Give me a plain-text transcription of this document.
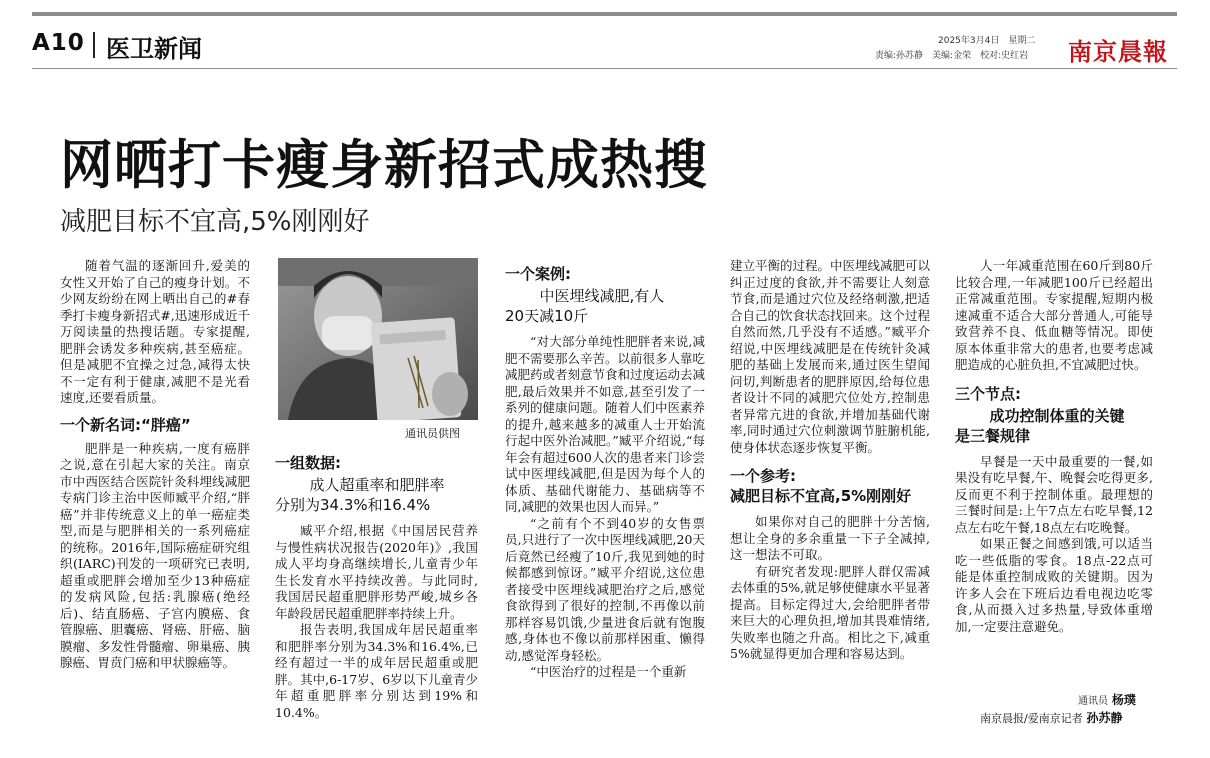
A10 医卫新闻	2025年3月4日　星期二
责编:孙苏静　美编:金荣　校对:史红岩 南京晨報
网晒打卡瘦身新招式成热搜
减肥目标不宜高,5%刚刚好

随着气温的逐渐回升,爱美的女性又开始了自己的瘦身计划。不少网友纷纷在网上晒出自己的#春季打卡瘦身新招式#,迅速形成近千万阅读量的热搜话题。专家提醒,肥胖会诱发多种疾病,甚至癌症。但是减肥不宜操之过急,减得太快不一定有利于健康,减肥不是光看速度,还要看质量。

一个新名词:“胖癌”

肥胖是一种疾病,一度有癌胖之说,意在引起大家的关注。南京市中西医结合医院针灸科埋线减肥专病门诊主治中医师臧平介绍,“胖癌”并非传统意义上的单一癌症类型,而是与肥胖相关的一系列癌症的统称。2016年,国际癌症研究组织(IARC)刊发的一项研究已表明,超重或肥胖会增加至少13种癌症的发病风险,包括:乳腺癌(绝经后)、结直肠癌、子宫内膜癌、食管腺癌、胆囊癌、肾癌、肝癌、脑膜瘤、多发性骨髓瘤、卵巢癌、胰腺癌、胃贲门癌和甲状腺癌等。

通讯员供图
一组数据:
成人超重率和肥胖率
分别为34.3%和16.4%

臧平介绍,根据《中国居民营养与慢性病状况报告(2020年)》,我国成人平均身高继续增长,儿童青少年生长发育水平持续改善。与此同时,我国居民超重肥胖形势严峻,城乡各年龄段居民超重肥胖率持续上升。

报告表明,我国成年居民超重率和肥胖率分别为34.3%和16.4%,已经有超过一半的成年居民超重或肥胖。其中,6-17岁、6岁以下儿童青少年超重肥胖率分别达到19%和10.4%。

一个案例:
中医埋线减肥,有人
20天减10斤

“对大部分单纯性肥胖者来说,减肥不需要那么辛苦。以前很多人靠吃减肥药或者刻意节食和过度运动去减肥,最后效果并不如意,甚至引发了一系列的健康问题。随着人们中医素养的提升,越来越多的减重人士开始流行起中医外治减肥。”臧平介绍说,“每年会有超过600人次的患者来门诊尝试中医埋线减肥,但是因为每个人的体质、基础代谢能力、基础病等不同,减肥的效果也因人而异。”

“之前有个不到40岁的女售票员,只进行了一次中医埋线减肥,20天后竟然已经瘦了10斤,我见到她的时候都感到惊讶。”臧平介绍说,这位患者接受中医埋线减肥治疗之后,感觉食欲得到了很好的控制,不再像以前那样容易饥饿,少量进食后就有饱腹感,身体也不像以前那样困重、懒得动,感觉浑身轻松。

“中医治疗的过程是一个重新

建立平衡的过程。中医埋线减肥可以纠正过度的食欲,并不需要让人刻意节食,而是通过穴位及经络刺激,把适合自己的饮食状态找回来。这个过程自然而然,几乎没有不适感。”臧平介绍说,中医埋线减肥是在传统针灸减肥的基础上发展而来,通过医生望闻问切,判断患者的肥胖原因,给每位患者设计不同的减肥穴位处方,控制患者异常亢进的食欲,并增加基础代谢率,同时通过穴位刺激调节脏腑机能,使身体状态逐步恢复平衡。

一个参考:
减肥目标不宜高,5%刚刚好

如果你对自己的肥胖十分苦恼,想让全身的多余重量一下子全减掉,这一想法不可取。

有研究者发现:肥胖人群仅需减去体重的5%,就足够使健康水平显著提高。目标定得过大,会给肥胖者带来巨大的心理负担,增加其畏难情绪,失败率也随之升高。相比之下,减重5%就显得更加合理和容易达到。

人一年减重范围在60斤到80斤比较合理,一年减肥100斤已经超出正常减重范围。专家提醒,短期内极速减重不适合大部分普通人,可能导致营养不良、低血糖等情况。即使原本体重非常大的患者,也要考虑减肥造成的心脏负担,不宜减肥过快。

三个节点:
成功控制体重的关键
是三餐规律

早餐是一天中最重要的一餐,如果没有吃早餐,午、晚餐会吃得更多,反而更不利于控制体重。最理想的三餐时间是:上午7点左右吃早餐,12点左右吃午餐,18点左右吃晚餐。

如果正餐之间感到饿,可以适当吃一些低脂的零食。18点-22点可能是体重控制成败的关键期。因为许多人会在下班后边看电视边吃零食,从而摄入过多热量,导致体重增加,一定要注意避免。

通讯员 杨璞
南京晨报/爱南京记者 孙苏静
